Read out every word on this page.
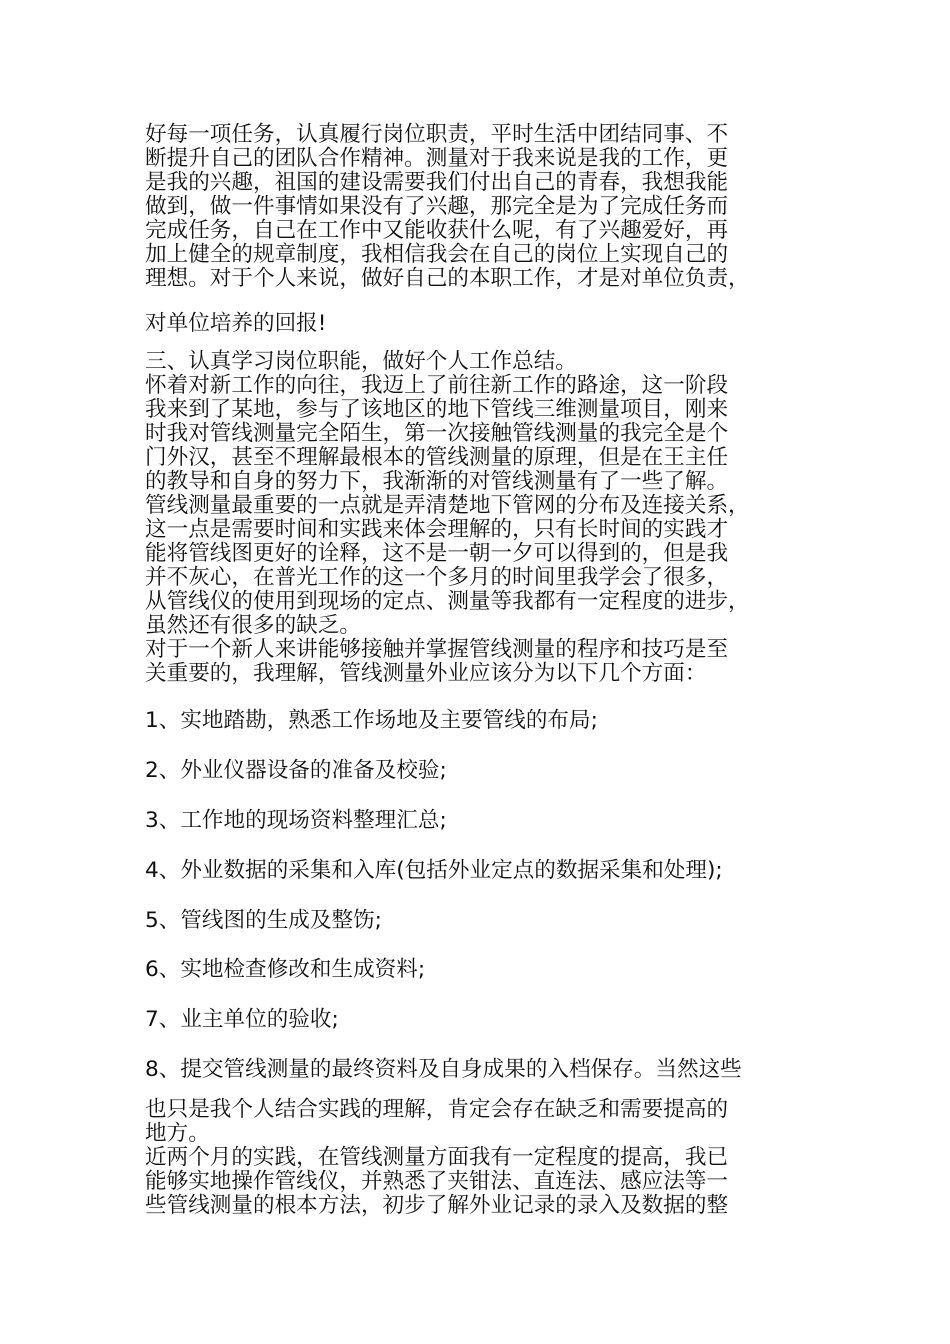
好每一项任务，认真履行岗位职责，平时生活中团结同事、不
断提升自己的团队合作精神。测量对于我来说是我的工作，更
是我的兴趣，祖国的建设需要我们付出自己的青春，我想我能
做到，做一件事情如果没有了兴趣，那完全是为了完成任务而
完成任务，自己在工作中又能收获什么呢，有了兴趣爱好，再
加上健全的规章制度，我相信我会在自己的岗位上实现自己的
理想。对于个人来说，做好自己的本职工作，才是对单位负责，
对单位培养的回报!
三、认真学习岗位职能，做好个人工作总结。
怀着对新工作的向往，我迈上了前往新工作的路途，这一阶段
我来到了某地，参与了该地区的地下管线三维测量项目，刚来
时我对管线测量完全陌生，第一次接触管线测量的我完全是个
门外汉，甚至不理解最根本的管线测量的原理，但是在王主任
的教导和自身的努力下，我渐渐的对管线测量有了一些了解。
管线测量最重要的一点就是弄清楚地下管网的分布及连接关系，
这一点是需要时间和实践来体会理解的，只有长时间的实践才
能将管线图更好的诠释，这不是一朝一夕可以得到的，但是我
并不灰心，在普光工作的这一个多月的时间里我学会了很多，
从管线仪的使用到现场的定点、测量等我都有一定程度的进步，
虽然还有很多的缺乏。
对于一个新人来讲能够接触并掌握管线测量的程序和技巧是至
关重要的，我理解，管线测量外业应该分为以下几个方面：
1、实地踏勘，熟悉工作场地及主要管线的布局;
2、外业仪器设备的准备及校验;
3、工作地的现场资料整理汇总;
4、外业数据的采集和入库(包括外业定点的数据采集和处理);
5、管线图的生成及整饬;
6、实地检查修改和生成资料;
7、业主单位的验收;
8、提交管线测量的最终资料及自身成果的入档保存。当然这些
也只是我个人结合实践的理解，肯定会存在缺乏和需要提高的
地方。
近两个月的实践，在管线测量方面我有一定程度的提高，我已
能够实地操作管线仪，并熟悉了夹钳法、直连法、感应法等一
些管线测量的根本方法，初步了解外业记录的录入及数据的整
